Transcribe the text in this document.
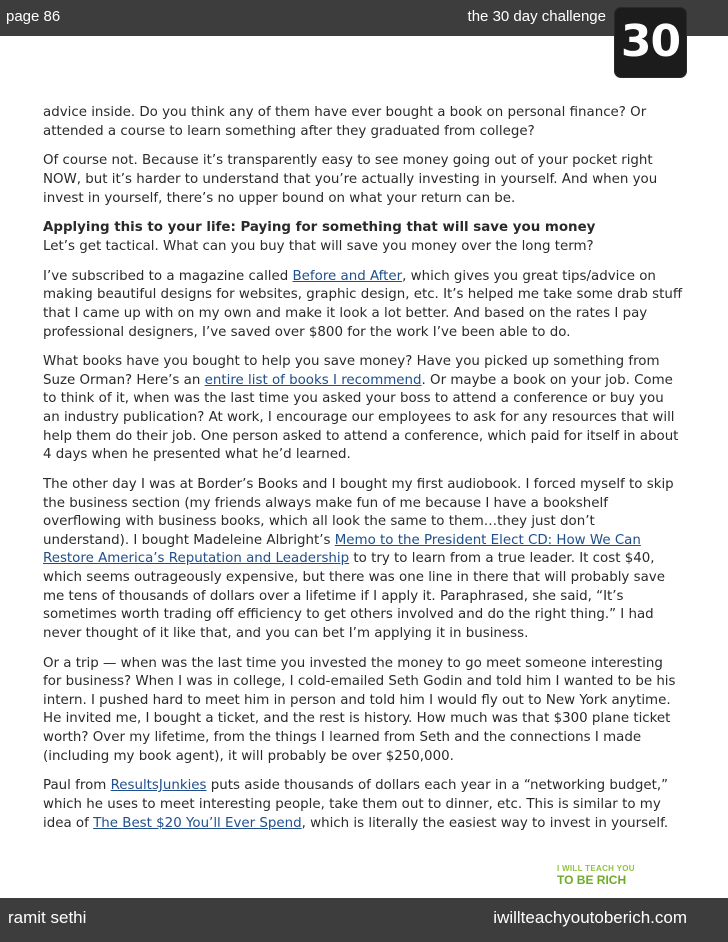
page 86	the 30 day challenge 30

advice inside. Do you think any of them have ever bought a book on personal finance? Or attended a course to learn something after they graduated from college?

Of course not. Because it’s transparently easy to see money going out of your pocket right NOW, but it’s harder to understand that you’re actually investing in yourself. And when you invest in yourself, there’s no upper bound on what your return can be.

Applying this to your life: Paying for something that will save you money

Let’s get tactical. What can you buy that will save you money over the long term?

I’ve subscribed to a magazine called Before and After, which gives you great tips/advice on making beautiful designs for websites, graphic design, etc. It’s helped me take some drab stuff that I came up with on my own and make it look a lot better. And based on the rates I pay professional designers, I’ve saved over $800 for the work I’ve been able to do.

What books have you bought to help you save money? Have you picked up something from Suze Orman? Here’s an entire list of books I recommend. Or maybe a book on your job. Come to think of it, when was the last time you asked your boss to attend a conference or buy you an industry publication? At work, I encourage our employees to ask for any resources that will help them do their job. One person asked to attend a conference, which paid for itself in about 4 days when he presented what he’d learned.

The other day I was at Border’s Books and I bought my first audiobook. I forced myself to skip the business section (my friends always make fun of me because I have a bookshelf overflowing with business books, which all look the same to them…they just don’t understand). I bought Madeleine Albright’s Memo to the President Elect CD: How We Can Restore America’s Reputation and Leadership to try to learn from a true leader. It cost $40, which seems outrageously expensive, but there was one line in there that will probably save me tens of thousands of dollars over a lifetime if I apply it. Paraphrased, she said, “It’s sometimes worth trading off efficiency to get others involved and do the right thing.” I had never thought of it like that, and you can bet I’m applying it in business.

Or a trip — when was the last time you invested the money to go meet someone interesting for business? When I was in college, I cold-emailed Seth Godin and told him I wanted to be his intern. I pushed hard to meet him in person and told him I would fly out to New York anytime. He invited me, I bought a ticket, and the rest is history. How much was that $300 plane ticket worth? Over my lifetime, from the things I learned from Seth and the connections I made (including my book agent), it will probably be over $250,000.

Paul from ResultsJunkies puts aside thousands of dollars each year in a “networking budget,” which he uses to meet interesting people, take them out to dinner, etc. This is similar to my idea of The Best $20 You’ll Ever Spend, which is literally the easiest way to invest in yourself.

I WILL TEACH YOU
TO BE RICH
ramit sethi	iwillteachyoutoberich.com
